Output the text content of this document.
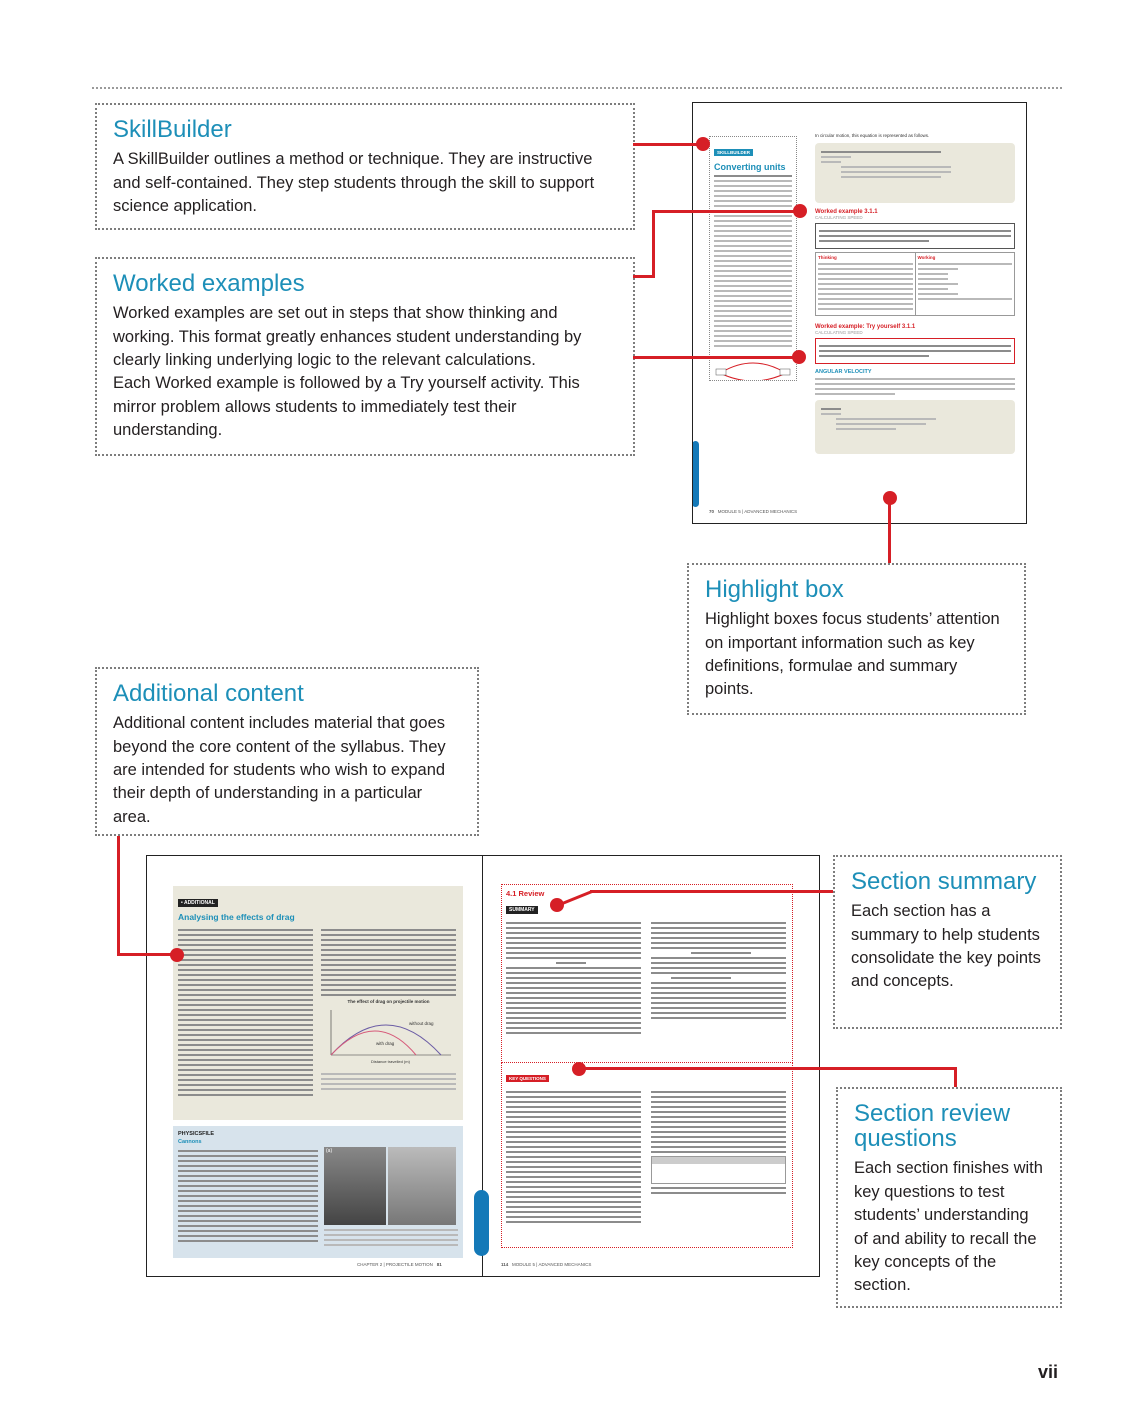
SkillBuilder

A SkillBuilder outlines a method or technique. They are instructive and self-contained. They step students through the skill to support science application.

Worked examples

Worked examples are set out in steps that show thinking and working. This format greatly enhances student understanding by clearly linking underlying logic to the relevant calculations.

Each Worked example is followed by a Try yourself activity. This mirror problem allows students to immediately test their understanding.

Highlight box

Highlight boxes focus students’ attention on important information such as key definitions, formulae and summary points.

Additional content

Additional content includes material that goes beyond the core content of the syllabus. They are intended for students who wish to expand their depth of understanding in a particular area.

Section summary

Each section has a summary to help students consolidate the key points and concepts.

Section review questions

Each section finishes with key questions to test students’ understanding of and ability to recall the key concepts of the section.

SKILLBUILDER
Converting units
In circular motion, this equation is represented as follows.
Worked example 3.1.1
CALCULATING SPEED
Thinking	Working
Worked example: Try yourself 3.1.1
CALCULATING SPEED
ANGULAR VELOCITY
70 MODULE 5 | ADVANCED MECHANICS
• ADDITIONAL
Analysing the effects of drag
The effect of drag on projectile motion
without drag
with drag
Distance travelled (m)
PHYSICSFILE
Cannons
(a)
CHAPTER 2 | PROJECTILE MOTION 81
4.1 Review
SUMMARY
KEY QUESTIONS
114 MODULE 5 | ADVANCED MECHANICS
vii
